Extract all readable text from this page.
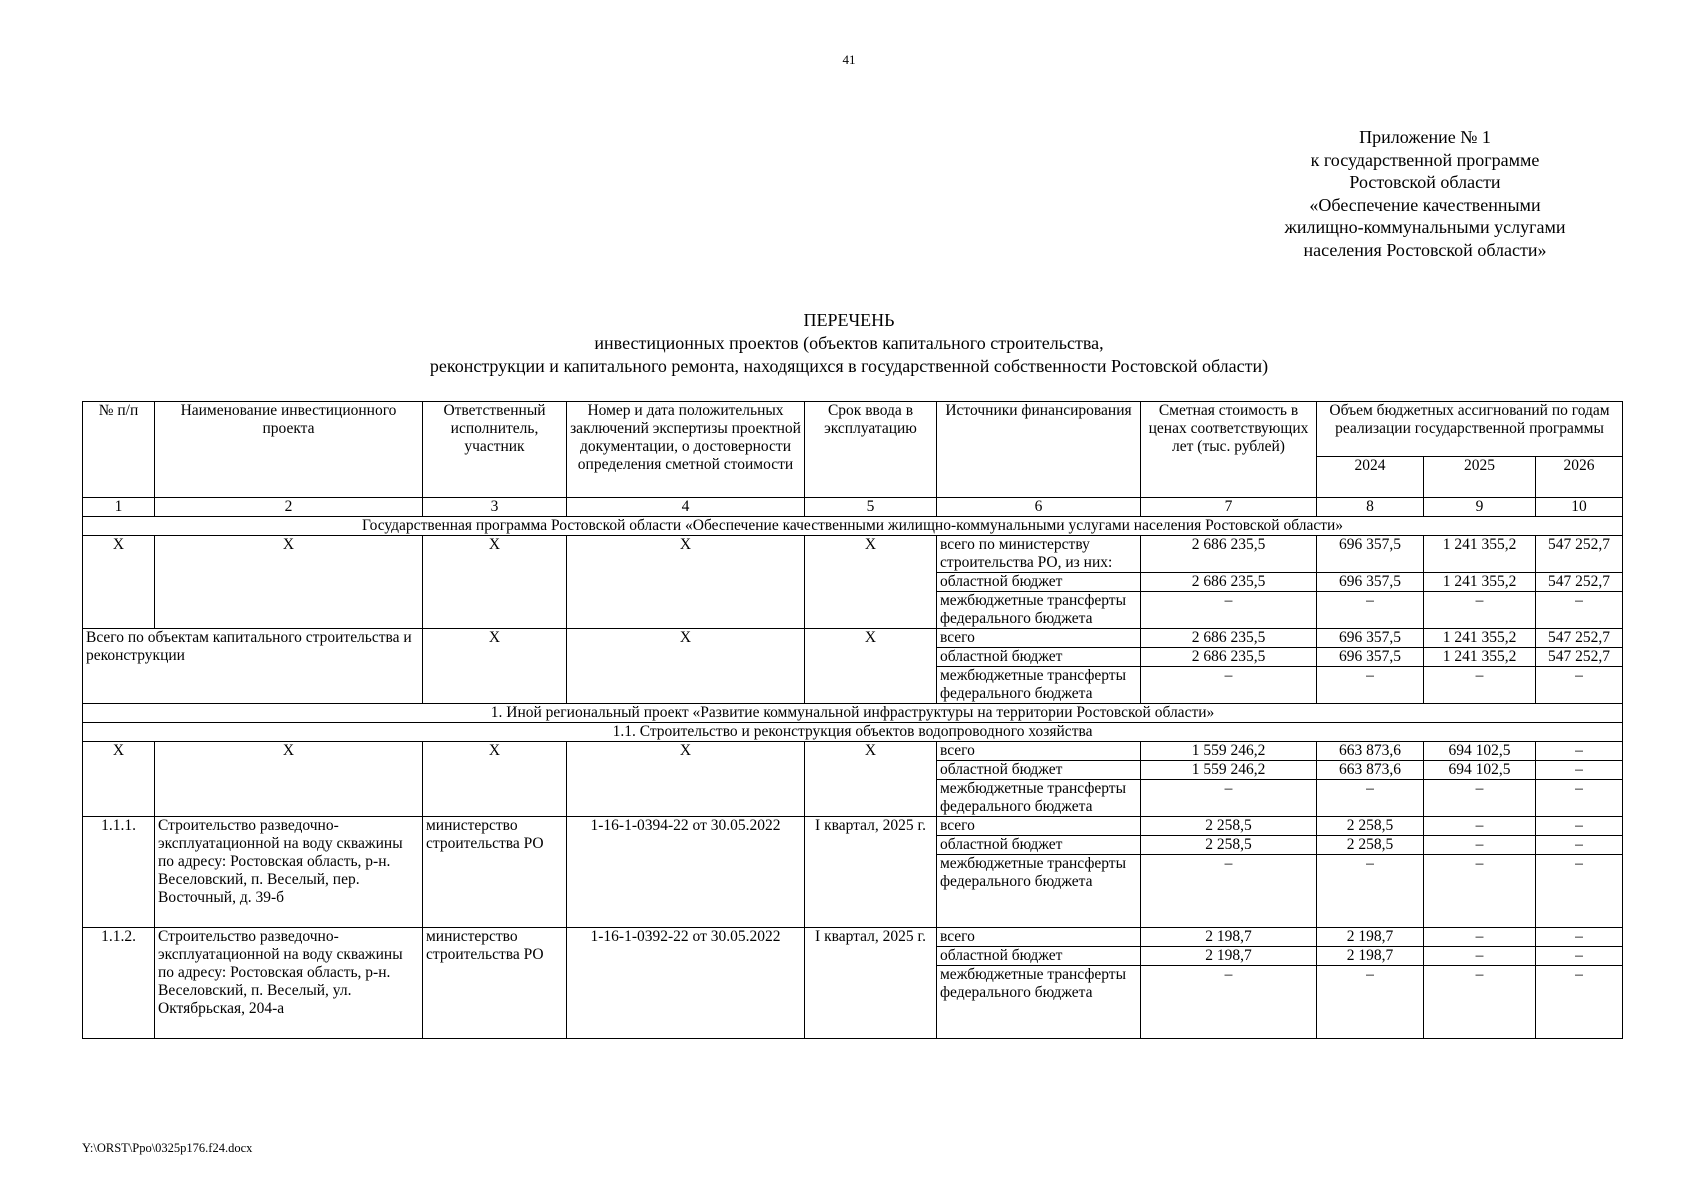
41
Приложение № 1
к государственной программе
Ростовской области
«Обеспечение качественными
жилищно-коммунальными услугами
населения Ростовской области»
ПЕРЕЧЕНЬ
инвестиционных проектов (объектов капитального строительства,
реконструкции и капитального ремонта, находящихся в государственной собственности Ростовской области)
№ п/п	Наименование инвестиционного проекта	Ответственный исполнитель, участник	Номер и дата положительных заключений экспертизы проектной документации, о достоверности определения сметной стоимости	Срок ввода в эксплуатацию	Источники финансирования	Сметная стоимость в ценах соответствующих лет (тыс. рублей)	Объем бюджетных ассигнований по годам реализации государственной программы		
							2024	2025	2026
1	2	3	4	5	6	7	8	9	10
Государственная программа Ростовской области «Обеспечение качественными жилищно-коммунальными услугами населения Ростовской области»									
Х	Х	Х	Х	Х	всего по министерству строительства РО, из них:	2 686 235,5	696 357,5	1 241 355,2	547 252,7
					областной бюджет	2 686 235,5	696 357,5	1 241 355,2	547 252,7
					межбюджетные трансферты федерального бюджета	–	–	–	–
Всего по объектам капитального строительства и реконструкции		Х	Х	Х	всего	2 686 235,5	696 357,5	1 241 355,2	547 252,7
					областной бюджет	2 686 235,5	696 357,5	1 241 355,2	547 252,7
					межбюджетные трансферты федерального бюджета	–	–	–	–
1. Иной региональный проект «Развитие коммунальной инфраструктуры на территории Ростовской области»									
1.1. Строительство и реконструкция объектов водопроводного хозяйства									
Х	Х	Х	Х	Х	всего	1 559 246,2	663 873,6	694 102,5	–
					областной бюджет	1 559 246,2	663 873,6	694 102,5	–
					межбюджетные трансферты федерального бюджета	–	–	–	–
1.1.1.	Строительство разведочно-эксплуатационной на воду скважины по адресу: Ростовская область, р-н. Веселовский, п. Веселый, пер. Восточный, д. 39-б	министерство строительства РО	1-16-1-0394-22 от 30.05.2022	I квартал, 2025 г.	всего	2 258,5	2 258,5	–	–
					областной бюджет	2 258,5	2 258,5	–	–
					межбюджетные трансферты федерального бюджета	–	–	–	–
1.1.2.	Строительство разведочно-эксплуатационной на воду скважины по адресу: Ростовская область, р-н. Веселовский, п. Веселый, ул. Октябрьская, 204-а	министерство строительства РО	1-16-1-0392-22 от 30.05.2022	I квартал, 2025 г.	всего	2 198,7	2 198,7	–	–
					областной бюджет	2 198,7	2 198,7	–	–
					межбюджетные трансферты федерального бюджета	–	–	–	–
Y:\ORST\Ppo\0325p176.f24.docx
